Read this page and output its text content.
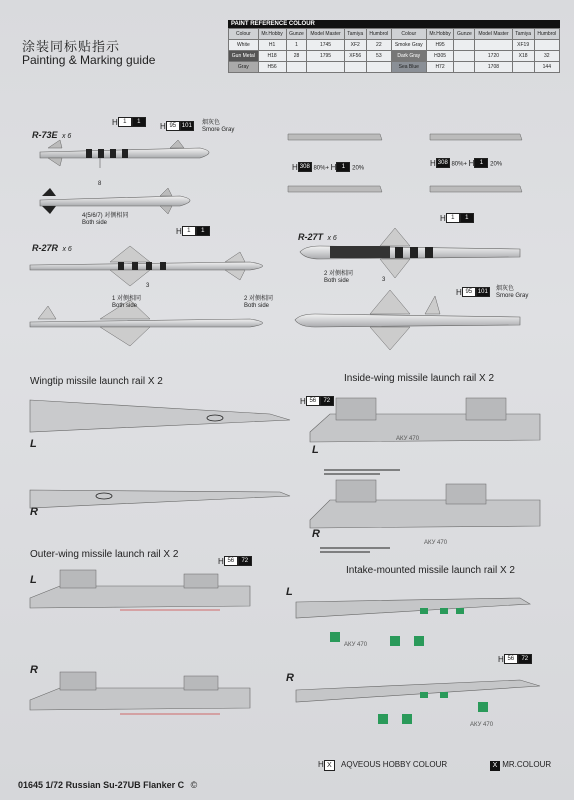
涂装同标贴指示
Painting & Marking guide
PAINT REFERENCE COLOUR
Colour	Mr.Hobby	Gunze	Model Master	Tamiya	Humbrol	Colour	Mr.Hobby	Gunze	Model Master	Tamiya	Humbrol
White	H1	1	1745	XF2	22	Smoke Gray	H95			XF19	
Gun Metal	H18	28	1795	XF56	53	Dark Gray	H305		1720	X18	32
Gray	H56					Sea Blue	H72		1708		144
R-73E x 6
H 1	1	H 95 101	烟灰色
Smore Gray
8
4(5/6/7) 对侧相同
Both side
R-27R x 6
H 1	1
3
1 对侧相同
Both side
2 对侧相同
Both side
H 308 80%+ H 1	20%
H 308 80%+ H 1	20%
H 1	1
R-27T x 6
2 对侧相同
Both side	3
H 95 101	烟灰色
Smore Gray
Wingtip missile launch rail X 2
L
R
Inside-wing missile launch rail X 2
H 56	72
L
АКУ 470
R
АКУ 470
Outer-wing missile launch rail X 2
H 56	72
L
R
Intake-mounted missile launch rail X 2
L
АКУ 470
H 56	72
R
АКУ 470
H X AQVEOUS HOBBY COLOUR	X MR.COLOUR
01645 1/72 Russian Su-27UB Flanker C ©
